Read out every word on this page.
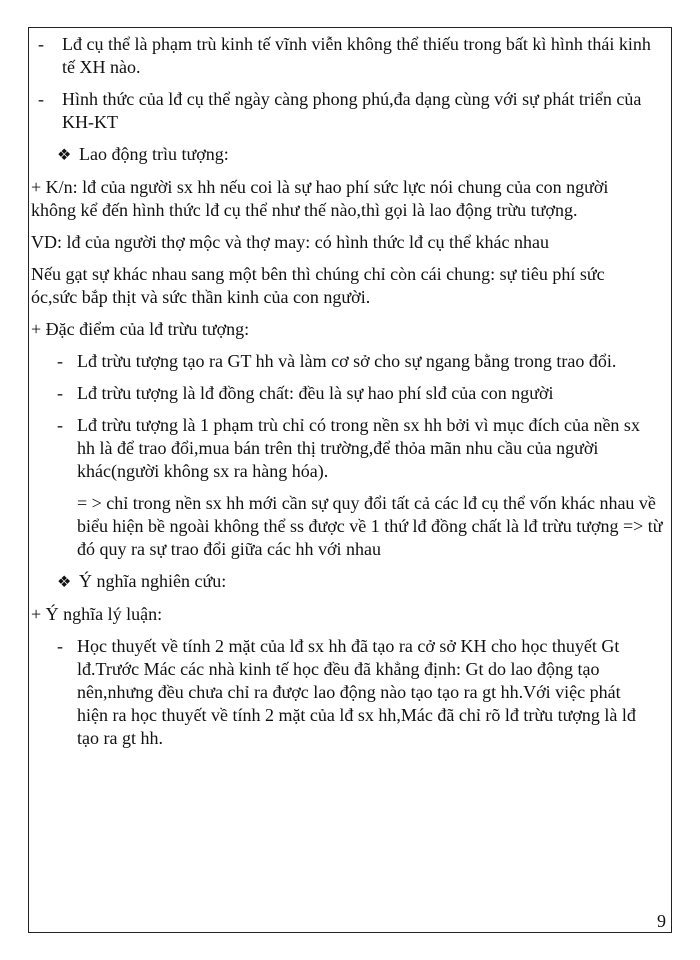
- Lđ cụ thể là phạm trù kinh tế vĩnh viễn không thể thiếu trong bất kì hình thái kinh tế XH nào.

- Hình thức của lđ cụ thể ngày càng phong phú,đa dạng cùng với sự phát triển của KH-KT

❖ Lao động trìu tượng:

+ K/n: lđ của người sx hh nếu coi là sự hao phí sức lực nói chung của con người không kể đến hình thức lđ cụ thể như thế nào,thì gọi là lao động trừu tượng.

VD: lđ của người thợ mộc và thợ may: có hình thức lđ cụ thể khác nhau

Nếu gạt sự khác nhau sang một bên thì chúng chỉ còn cái chung: sự tiêu phí sức óc,sức bắp thịt và sức thần kinh của con người.

+ Đặc điểm của lđ trừu tượng:

- Lđ trừu tượng tạo ra GT hh và làm cơ sở cho sự ngang bằng trong trao đổi.

- Lđ trừu tượng là lđ đồng chất: đều là sự hao phí slđ của con người

- Lđ trừu tượng là 1 phạm trù chỉ có trong nền sx hh bởi vì mục đích của nền sx hh là để trao đổi,mua bán trên thị trường,để thỏa mãn nhu cầu của người khác(người không sx ra hàng hóa).

= > chỉ trong nền sx hh mới cần sự quy đổi tất cả các lđ cụ thể vốn khác nhau về biểu hiện bề ngoài không thể ss được về 1 thứ lđ đồng chất là lđ trừu tượng => từ đó quy ra sự trao đổi giữa các hh với nhau

❖ Ý nghĩa nghiên cứu:

+ Ý nghĩa lý luận:

- Học thuyết về tính 2 mặt của lđ sx hh đã tạo ra cở sở KH cho học thuyết Gt lđ.Trước Mác các nhà kinh tế học đều đã khẳng định: Gt do lao động tạo nên,nhưng đều chưa chỉ ra được lao động nào tạo tạo ra gt hh.Với việc phát hiện ra học thuyết về tính 2 mặt của lđ sx hh,Mác đã chỉ rõ lđ trừu tượng là lđ tạo ra gt hh.

9
